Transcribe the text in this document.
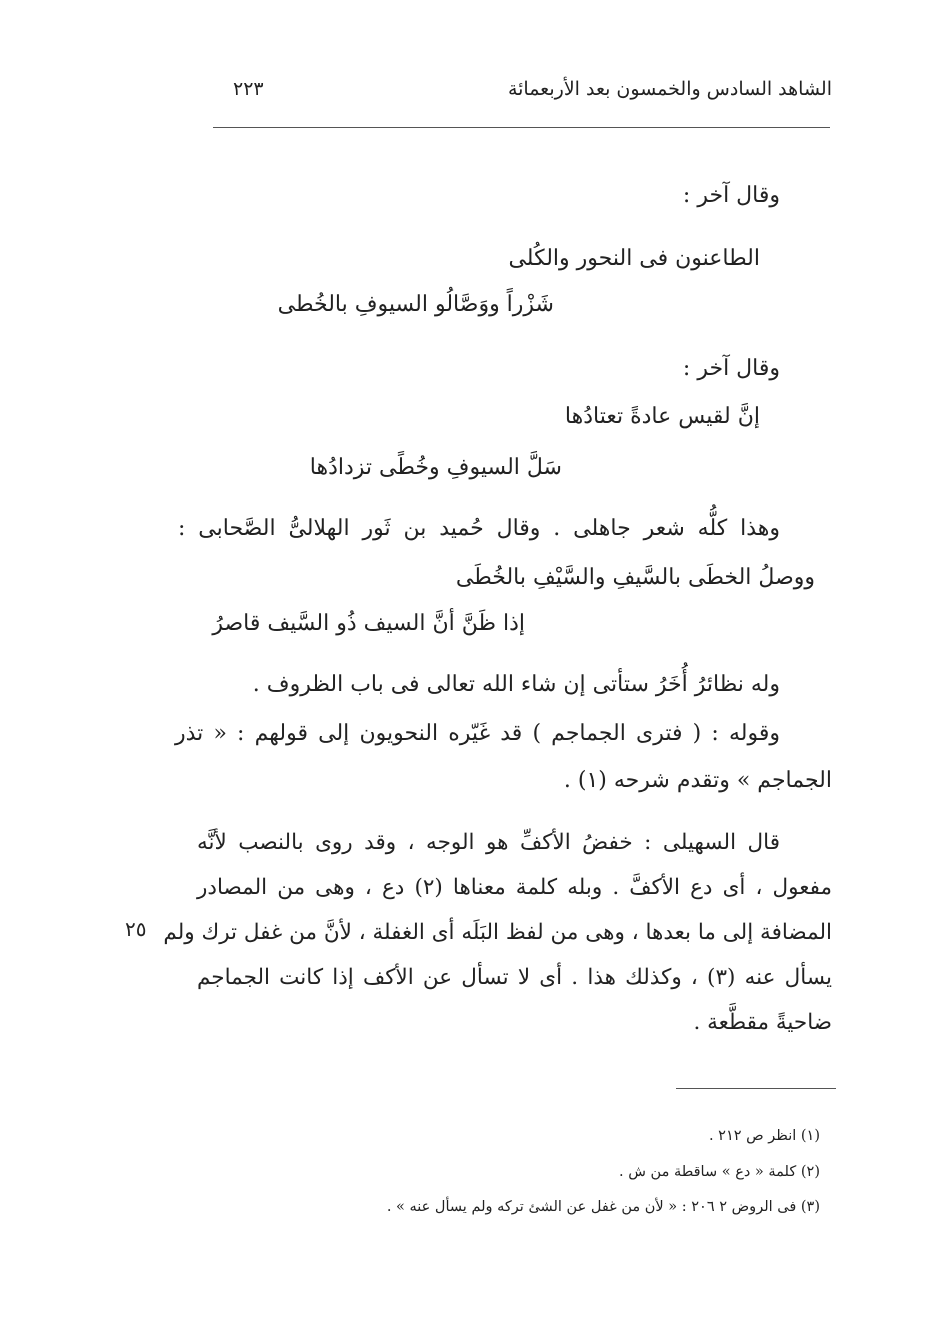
الشاهد السادس والخمسون بعد الأربعمائة
٢٢٣
وقال آخر :
الطاعنون فى النحور والكُلى
شَزْراً ووَصَّالُو السيوفِ بالخُطى
وقال آخر :
إنَّ لقيس عادةً تعتادُها
سَلَّ السيوفِ وخُطًى تزدادُها
وهذا كلُّه شعر جاهلى . وقال حُميد بن ثَور الهلالىُّ الصَّحابى :
ووصلُ الخطَى بالسَّيفِ والسَّيْفِ بالخُطَى
إذا ظَنَّ أنَّ السيف ذُو السَّيف قاصرُ
وله نظائرُ أُخَرُ ستأتى إن شاء الله تعالى فى باب الظروف .
وقوله : ( فترى الجماجم ) قد غَيّره النحويون إلى قولهم : « تذر
الجماجم » وتقدم شرحه (١) .
قال السهيلى : خفضُ الأكفِّ هو الوجه ، وقد روى بالنصب لأنَّه
مفعول ، أى دع الأكفَّ . وبله كلمة معناها (٢) دع ، وهى من المصادر
المضافة إلى ما بعدها ، وهى من لفظ البَلَه أى الغفلة ، لأنَّ من غفل ترك ولم
يسأل عنه (٣) ، وكذلك هذا . أى لا تسأل عن الأكف إذا كانت الجماجم
ضاحيةً مقطَّعة .
٢٥
(١) انظر ص ٢١٢ .
(٢) كلمة « دع » ساقطة من ش .
(٣) فى الروض ٢ ٢٠٦ : « لأن من غفل عن الشئ تركه ولم يسأل عنه » .
